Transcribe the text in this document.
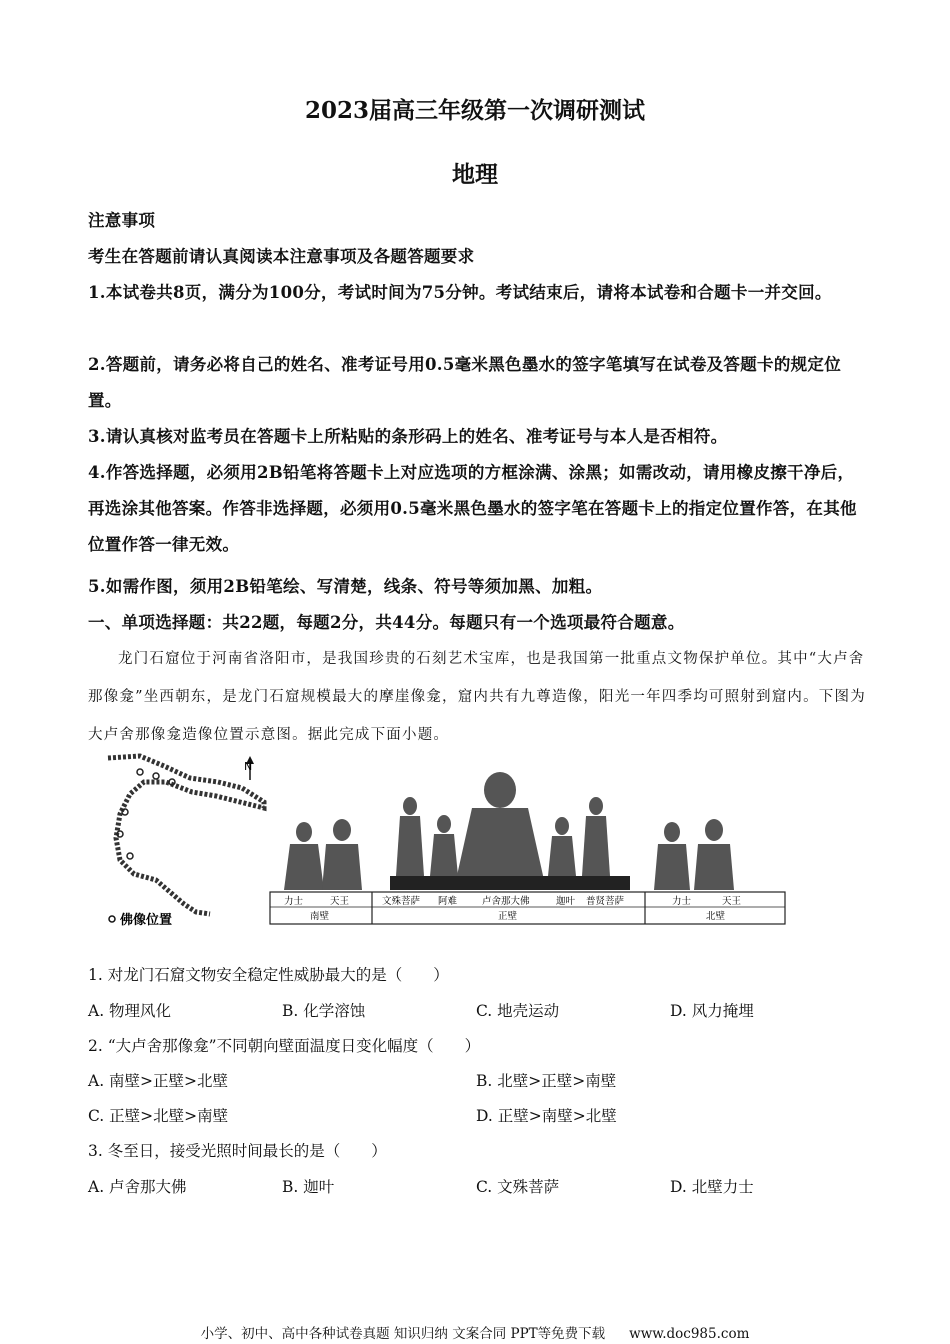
2023届高三年级第一次调研测试
地理
注意事项
考生在答题前请认真阅读本注意事项及各题答题要求
1.本试卷共8页，满分为100分，考试时间为75分钟。考试结束后，请将本试卷和合题卡一并交回。
2.答题前，请务必将自己的姓名、准考证号用0.5毫米黑色墨水的签字笔填写在试卷及答题卡的规定位置。
3.请认真核对监考员在答题卡上所粘贴的条形码上的姓名、准考证号与本人是否相符。
4.作答选择题，必须用2B铅笔将答题卡上对应选项的方框涂满、涂黑；如需改动，请用橡皮擦干净后，再选涂其他答案。作答非选择题，必须用0.5毫米黑色墨水的签字笔在答题卡上的指定位置作答，在其他位置作答一律无效。
5.如需作图，须用2B铅笔绘、写清楚，线条、符号等须加黑、加粗。
一、单项选择题：共22题，每题2分，共44分。每题只有一个选项最符合题意。
龙门石窟位于河南省洛阳市，是我国珍贵的石刻艺术宝库，也是我国第一批重点文物保护单位。其中“大卢舍那像龛”坐西朝东，是龙门石窟规模最大的摩崖像龛，窟内共有九尊造像，阳光一年四季均可照射到窟内。下图为大卢舍那像龛造像位置示意图。据此完成下面小题。
N
佛像位置
力士	天王	文殊菩萨 阿难	卢舍那大佛	迦叶 普贤菩萨	力士	天王
南壁	正壁	北壁
1. 对龙门石窟文物安全稳定性威胁最大的是（　　）
A. 物理风化	B. 化学溶蚀	C. 地壳运动	D. 风力掩埋
2. “大卢舍那像龛”不同朝向壁面温度日变化幅度（　　）
A. 南壁>正壁>北壁	B. 北壁>正壁>南壁
C. 正壁>北壁>南壁	D. 正壁>南壁>北壁
3. 冬至日，接受光照时间最长的是（　　）
A. 卢舍那大佛	B. 迦叶	C. 文殊菩萨	D. 北壁力士
小学、初中、高中各种试卷真题 知识归纳 文案合同 PPT等免费下载 www.doc985.com
